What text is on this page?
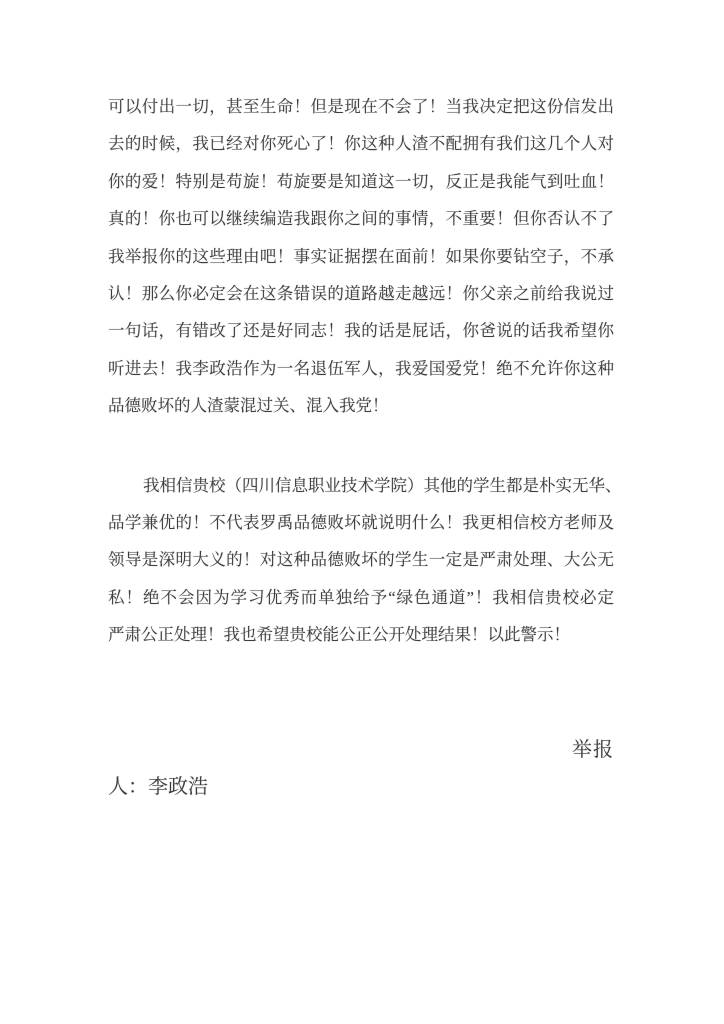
可以付出一切，甚至生命！但是现在不会了！当我决定把这份信发出
去的时候，我已经对你死心了！你这种人渣不配拥有我们这几个人对
你的爱！特别是苟旋！苟旋要是知道这一切，反正是我能气到吐血！
真的！你也可以继续编造我跟你之间的事情，不重要！但你否认不了
我举报你的这些理由吧！事实证据摆在面前！如果你要钻空子，不承
认！那么你必定会在这条错误的道路越走越远！你父亲之前给我说过
一句话，有错改了还是好同志！我的话是屁话，你爸说的话我希望你
听进去！我李政浩作为一名退伍军人，我爱国爱党！绝不允许你这种
品德败坏的人渣蒙混过关、混入我党！
我相信贵校（四川信息职业技术学院）其他的学生都是朴实无华、
品学兼优的！不代表罗禹品德败坏就说明什么！我更相信校方老师及
领导是深明大义的！对这种品德败坏的学生一定是严肃处理、大公无
私！绝不会因为学习优秀而单独给予“绿色通道”！我相信贵校必定
严肃公正处理！我也希望贵校能公正公开处理结果！以此警示！
举报
人：李政浩
